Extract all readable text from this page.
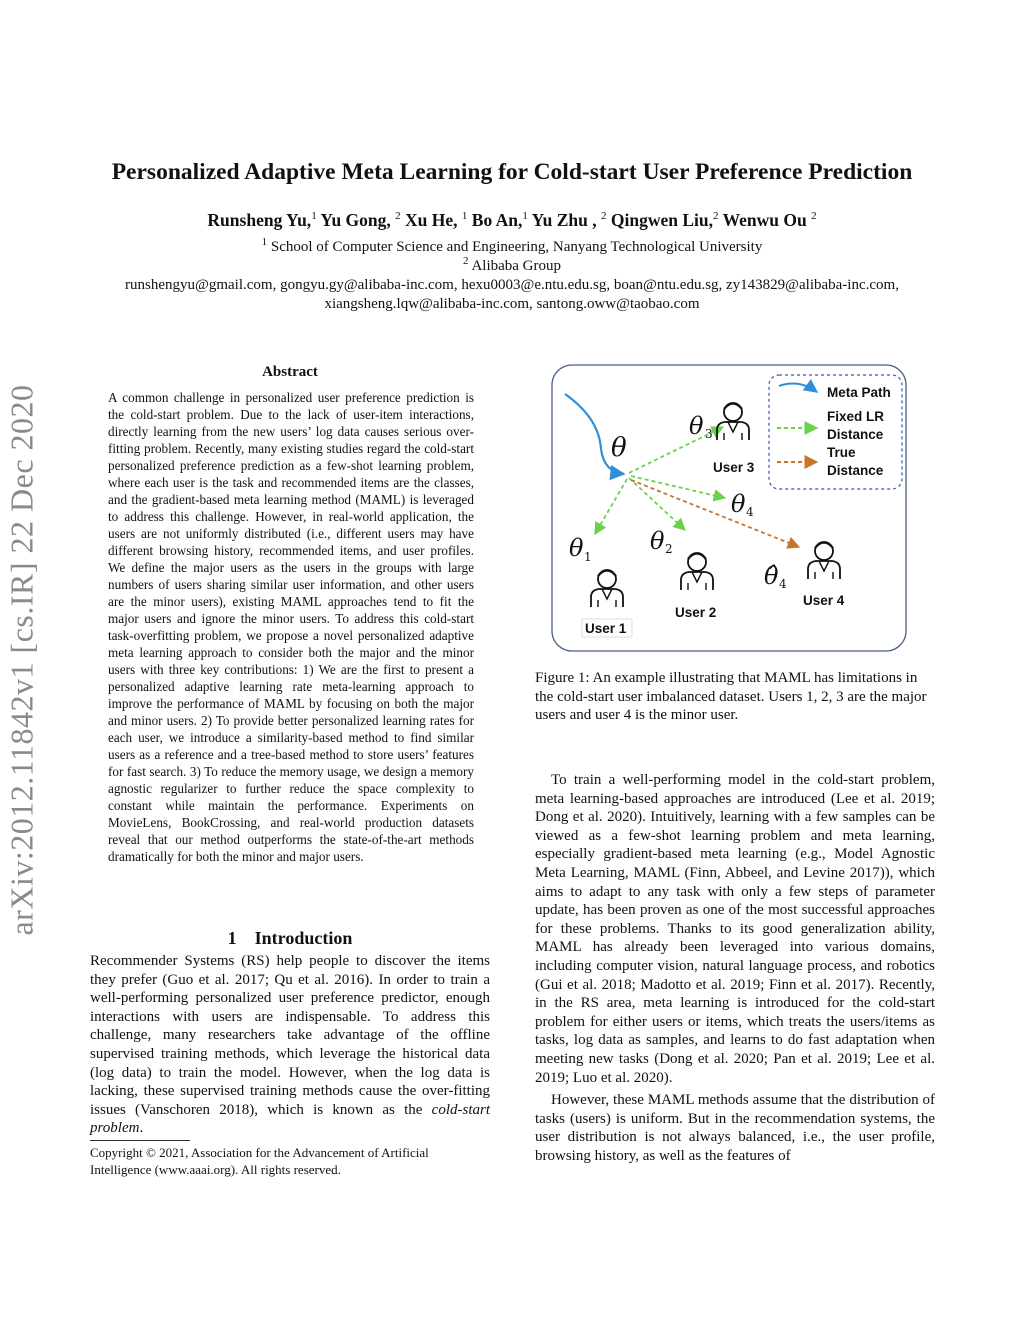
arXiv:2012.11842v1 [cs.IR] 22 Dec 2020
Personalized Adaptive Meta Learning for Cold-start User Preference Prediction
Runsheng Yu,$^1$ Yu Gong, $^2$ Xu He, $^1$ Bo An,$^1$ Yu Zhu , $^2$ Qingwen Liu,$^2$ Wenwu Ou $^2$
$^1$ School of Computer Science and Engineering, Nanyang Technological University
$^2$ Alibaba Group
runshengyu@gmail.com, gongyu.gy@alibaba-inc.com, hexu0003@e.ntu.edu.sg, boan@ntu.edu.sg, zy143829@alibaba-inc.com,
xiangsheng.lqw@alibaba-inc.com, santong.oww@taobao.com
Abstract
A common challenge in personalized user preference prediction is the cold-start problem. Due to the lack of user-item interactions, directly learning from the new users’ log data causes serious over-fitting problem. Recently, many existing studies regard the cold-start personalized preference prediction as a few-shot learning problem, where each user is the task and recommended items are the classes, and the gradient-based meta learning method (MAML) is leveraged to address this challenge. However, in real-world application, the users are not uniformly distributed (i.e., different users may have different browsing history, recommended items, and user profiles. We define the major users as the users in the groups with large numbers of users sharing similar user information, and other users are the minor users), existing MAML approaches tend to fit the major users and ignore the minor users. To address this cold-start task-overfitting problem, we propose a novel personalized adaptive meta learning approach to consider both the major and the minor users with three key contributions: 1) We are the first to present a personalized adaptive learning rate meta-learning approach to improve the performance of MAML by focusing on both the major and minor users. 2) To provide better personalized learning rates for each user, we introduce a similarity-based method to find similar users as a reference and a tree-based method to store users’ features for fast search. 3) To reduce the memory usage, we design a memory agnostic regularizer to further reduce the space complexity to constant while maintain the performance. Experiments on MovieLens, BookCrossing, and real-world production datasets reveal that our method outperforms the state-of-the-art methods dramatically for both the minor and major users.
1 Introduction
Recommender Systems (RS) help people to discover the items they prefer (Guo et al. 2017; Qu et al. 2016). In order to train a well-performing personalized user preference predictor, enough interactions with users are indispensable. To address this challenge, many researchers take advantage of the offline supervised training methods, which leverage the historical data (log data) to train the model. However, when the log data is lacking, these supervised training methods cause the over-fitting issues (Vanschoren 2018), which is known as the cold-start problem.
Copyright © 2021, Association for the Advancement of Artificial Intelligence (www.aaai.org). All rights reserved.
Meta Path
Fixed LR
Distance
True
Distance
θ
θ 3
θ 4
θ 1
θ 2
θ̂ 4
User 3
User 1
User 2
User 4
Figure 1: An example illustrating that MAML has limitations in the cold-start user imbalanced dataset. Users 1, 2, 3 are the major users and user 4 is the minor user.

To train a well-performing model in the cold-start problem, meta learning-based approaches are introduced (Lee et al. 2019; Dong et al. 2020). Intuitively, learning with a few samples can be viewed as a few-shot learning problem and meta learning, especially gradient-based meta learning (e.g., Model Agnostic Meta Learning, MAML (Finn, Abbeel, and Levine 2017)), which aims to adapt to any task with only a few steps of parameter update, has been proven as one of the most successful approaches for these problems. Thanks to its good generalization ability, MAML has already been leveraged into various domains, including computer vision, natural language process, and robotics (Gui et al. 2018; Madotto et al. 2019; Finn et al. 2017). Recently, in the RS area, meta learning is introduced for the cold-start problem for either users or items, which treats the users/items as tasks, log data as samples, and learns to do fast adaptation when meeting new tasks (Dong et al. 2020; Pan et al. 2019; Lee et al. 2019; Luo et al. 2020).

However, these MAML methods assume that the distribution of tasks (users) is uniform. But in the recommendation systems, the user distribution is not always balanced, i.e., the user profile, browsing history, as well as the features of
